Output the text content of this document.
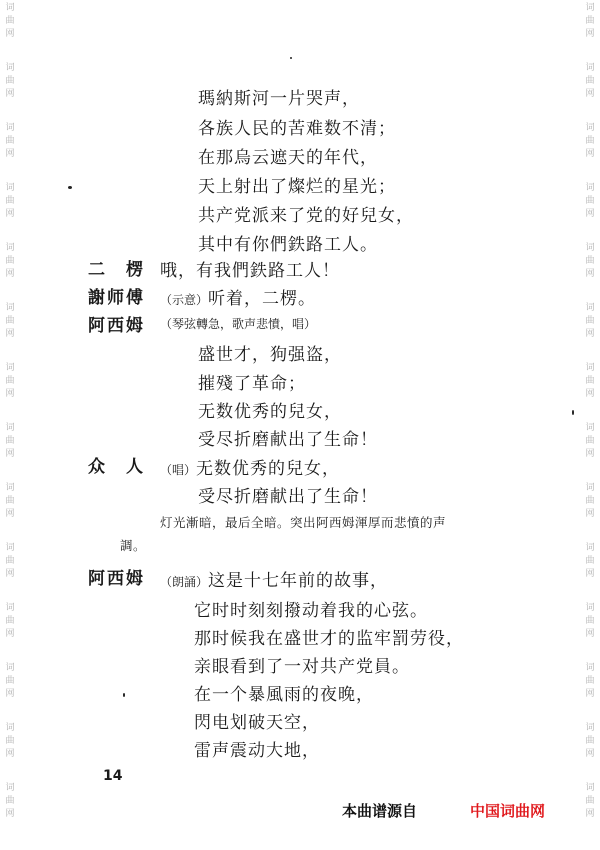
词
曲
网
词
曲
网
词
曲
网
词
曲
网
词
曲
网
词
曲
网
词
曲
网
词
曲
网
词
曲
网
词
曲
网
词
曲
网
词
曲
网
词
曲
网
词
曲
网
词
曲
网
词
曲
网
词
曲
网
词
曲
网
词
曲
网
词
曲
网
词
曲
网
词
曲
网
词
曲
网
词
曲
网
词
曲
网
词
曲
网
词
曲
网
词
曲
网
瑪納斯河一片哭声，
各族人民的苦难数不清；
在那烏云遮天的年代，
天上射出了燦烂的星光；
共产党派来了党的好兒女，
其中有你們鉄路工人。
二　楞 哦，有我們鉄路工人！
謝师傅 （示意）听着，二楞。
阿西姆 （琴弦轉急，歌声悲憤，唱）
盛世才，狗强盗，
摧殘了革命；
无数优秀的兒女，
受尽折磨献出了生命！
众　人 （唱）无数优秀的兒女，
受尽折磨献出了生命！
灯光漸暗，最后全暗。突出阿西姆渾厚而悲憤的声
調。
阿西姆 （朗誦）这是十七年前的故事，
它时时刻刻撥动着我的心弦。
那时候我在盛世才的监牢罰劳役，
亲眼看到了一对共产党員。
在一个暴風雨的夜晚，
閃电划破天空，
雷声震动大地，
14
本曲谱源自	中国词曲网
